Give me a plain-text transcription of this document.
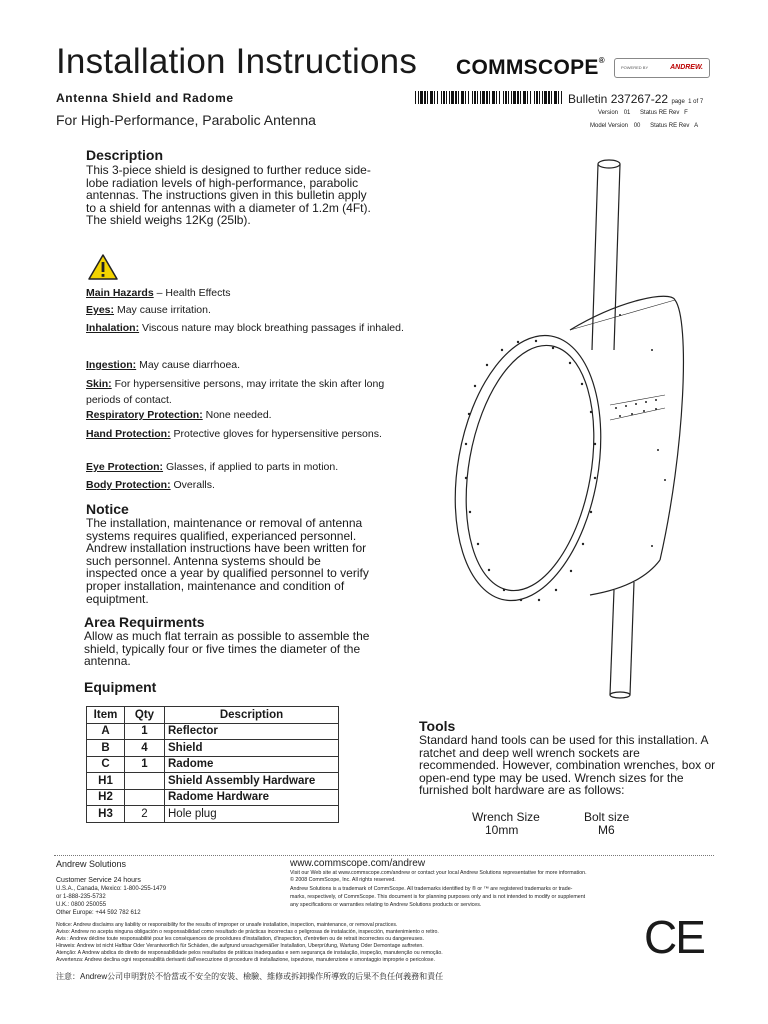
Installation Instructions COMMSCOPE®
POWERED BY	ANDREW.
Antenna Shield and Radome
For High-Performance, Parabolic Antenna
Bulletin 237267-22 page 1 of 7
Version 01 Status RE Rev F
Model Version 00 Status RE Rev A
Description
This 3-piece shield is designed to further reduce side-lobe radiation levels of high-performance, parabolic antennas. The instructions given in this bulletin apply to a shield for antennas with a diameter of 1.2m (4Ft). The shield weighs 12Kg (25lb).
Main Hazards – Health Effects
Eyes: May cause irritation.
Inhalation: Viscous nature may block breathing passages if inhaled.
Ingestion: May cause diarrhoea.
Skin: For hypersensitive persons, may irritate the skin after long periods of contact.
Respiratory Protection: None needed.
Hand Protection: Protective gloves for hypersensitive persons.
Eye Protection: Glasses, if applied to parts in motion.
Body Protection: Overalls.
Notice
The installation, maintenance or removal of antenna systems requires qualified, experianced personnel. Andrew installation instructions have been written for such personnel. Antenna systems should be inspected once a year by qualified personnel to verify proper installation, maintenance and condition of equiptment.
Area Requirments
Allow as much flat terrain as possible to assemble the shield, typically four or five times the diameter of the antenna.
Equipment
Item	Qty	Description
A	1	Reflector
B	4	Shield
C	1	Radome
H1		Shield Assembly Hardware
H2		Radome Hardware
H3	2	Hole plug
Tools
Standard hand tools can be used for this installation. A ratchet and deep well wrench sockets are recommended. However, combination wrenches, box or open-end type may be used. Wrench sizes for the furnished bolt hardware are as follows:
Wrench Size	Bolt size
10mm	M6
Andrew Solutions
Customer Service 24 hours
U.S.A., Canada, Mexico: 1-800-255-1479
or 1-888-235-5732
U.K.: 0800 250055
Other Europe: +44 592 782 612
www.commscope.com/andrew
Visit our Web site at www.commscope.com/andrew or contact your local Andrew Solutions representative for more information.
© 2008 CommScope, Inc. All rights reserved.
Andrew Solutions is a trademark of CommScope. All trademarks identified by ® or ™ are registered trademarks or trade-
marks, respectively, of CommScope. This document is for planning purposes only and is not intended to modify or supplement
any specifications or warranties relating to Andrew Solutions products or services.
Notice: Andrew disclaims any liability or responsibility for the results of improper or unsafe installation, inspection, maintenance, or removal practices.
Aviso: Andrew no acepta ninguna obligación o responsabilidad como resultado de prácticas incorrectas o peligrosas de instalación, inspección, mantenimiento o retiro.
Avis : Andrew décline toute responsabilité pour les conséquences de procédures d'installation, d'inspection, d'entretien ou de retrait incorrectes ou dangereuses.
Hinweis: Andrew ist nicht Haftbar Oder Verantwortlich für Schäden, die aufgrund unsachgemäßer Installation, Überprüfung, Wartung Oder Demontage auftreten.
Atenção: A Andrew abdica do direito de responsabilidade pelos resultados de práticas inadequadas e sem segurança de instalação, inspeção, manutenção ou remoção.
Avvertenza: Andrew declina ogni responsabilità derivanti dall'esecuzione di procedure di installazione, ispezione, manutenzione e smontaggio improprie o pericolose.
注意：Andrew公司申明對於不恰當或不安全的安裝、檢驗、維修或拆卸操作所導致的后果不負任何義務和責任
CE
